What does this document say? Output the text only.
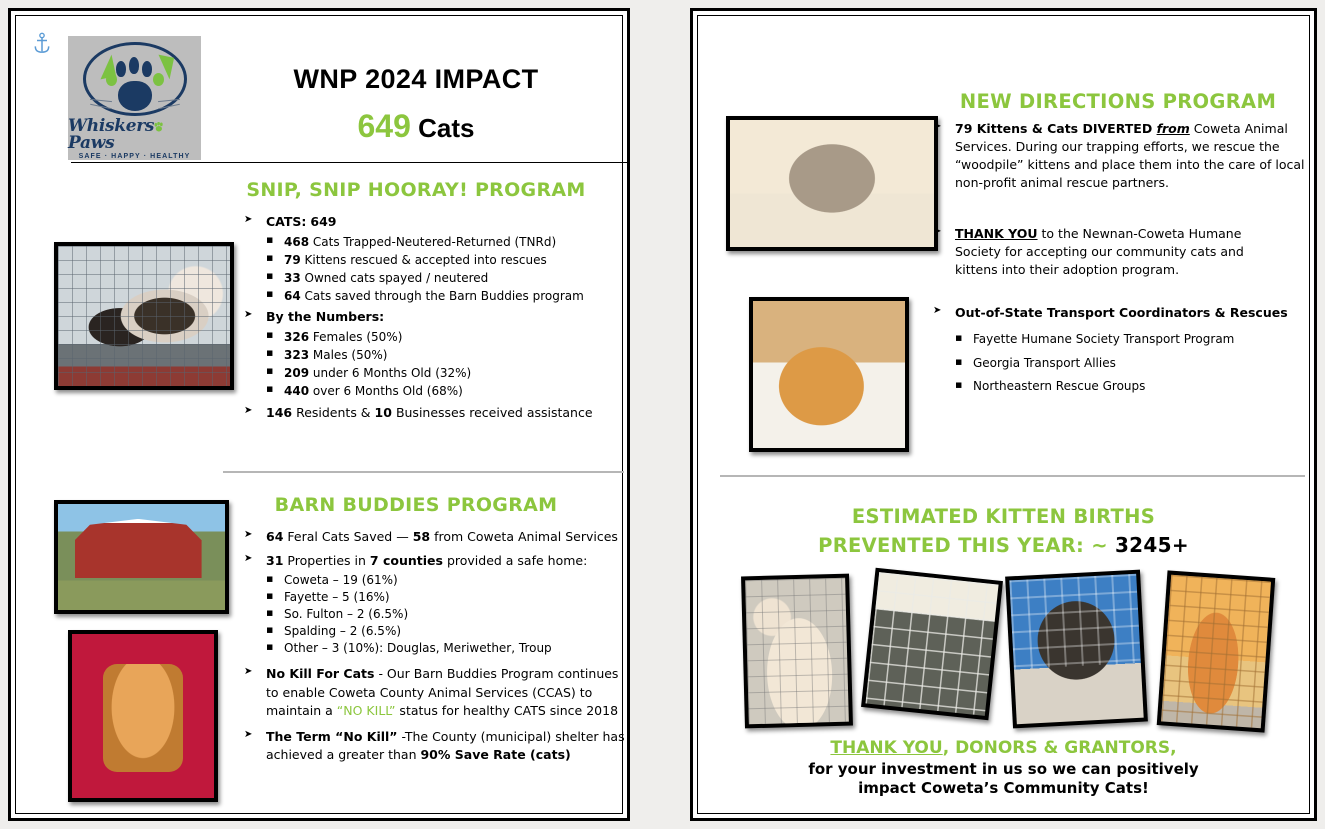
WhiskersPaws
SAFE · HAPPY · HEALTHY
WNP 2024 IMPACT
649 Cats
SNIP, SNIP HOORAY! PROGRAM
➤ CATS: 649
▪ 468 Cats Trapped-Neutered-Returned (TNRd)
▪ 79 Kittens rescued & accepted into rescues
▪ 33 Owned cats spayed / neutered
▪ 64 Cats saved through the Barn Buddies program
➤ By the Numbers:
▪ 326 Females (50%)
▪ 323 Males (50%)
▪ 209 under 6 Months Old (32%)
▪ 440 over 6 Months Old (68%)
➤ 146 Residents & 10 Businesses received assistance
BARN BUDDIES PROGRAM
➤ 64 Feral Cats Saved — 58 from Coweta Animal Services
➤ 31 Properties in 7 counties provided a safe home:
▪ Coweta – 19 (61%)
▪ Fayette – 5 (16%)
▪ So. Fulton – 2 (6.5%)
▪ Spalding – 2 (6.5%)
▪ Other – 3 (10%): Douglas, Meriwether, Troup
➤ No Kill For Cats - Our Barn Buddies Program continues to enable Coweta County Animal Services (CCAS) to maintain a “NO KILL” status for healthy CATS since 2018
➤ The Term “No Kill” -The County (municipal) shelter has achieved a greater than 90% Save Rate (cats)
NEW DIRECTIONS PROGRAM
➤ 79 Kittens & Cats DIVERTED from Coweta Animal Services. During our trapping efforts, we rescue the “woodpile” kittens and place them into the care of local non-profit animal rescue partners.
➤ THANK YOU to the Newnan-Coweta Humane Society for accepting our community cats and kittens into their adoption program.
➤ Out-of-State Transport Coordinators & Rescues
▪ Fayette Humane Society Transport Program
▪ Georgia Transport Allies
▪ Northeastern Rescue Groups
ESTIMATED KITTEN BIRTHS
PREVENTED THIS YEAR: ~ 3245+
THANK YOU, DONORS & GRANTORS,
for your investment in us so we can positively
impact Coweta’s Community Cats!
